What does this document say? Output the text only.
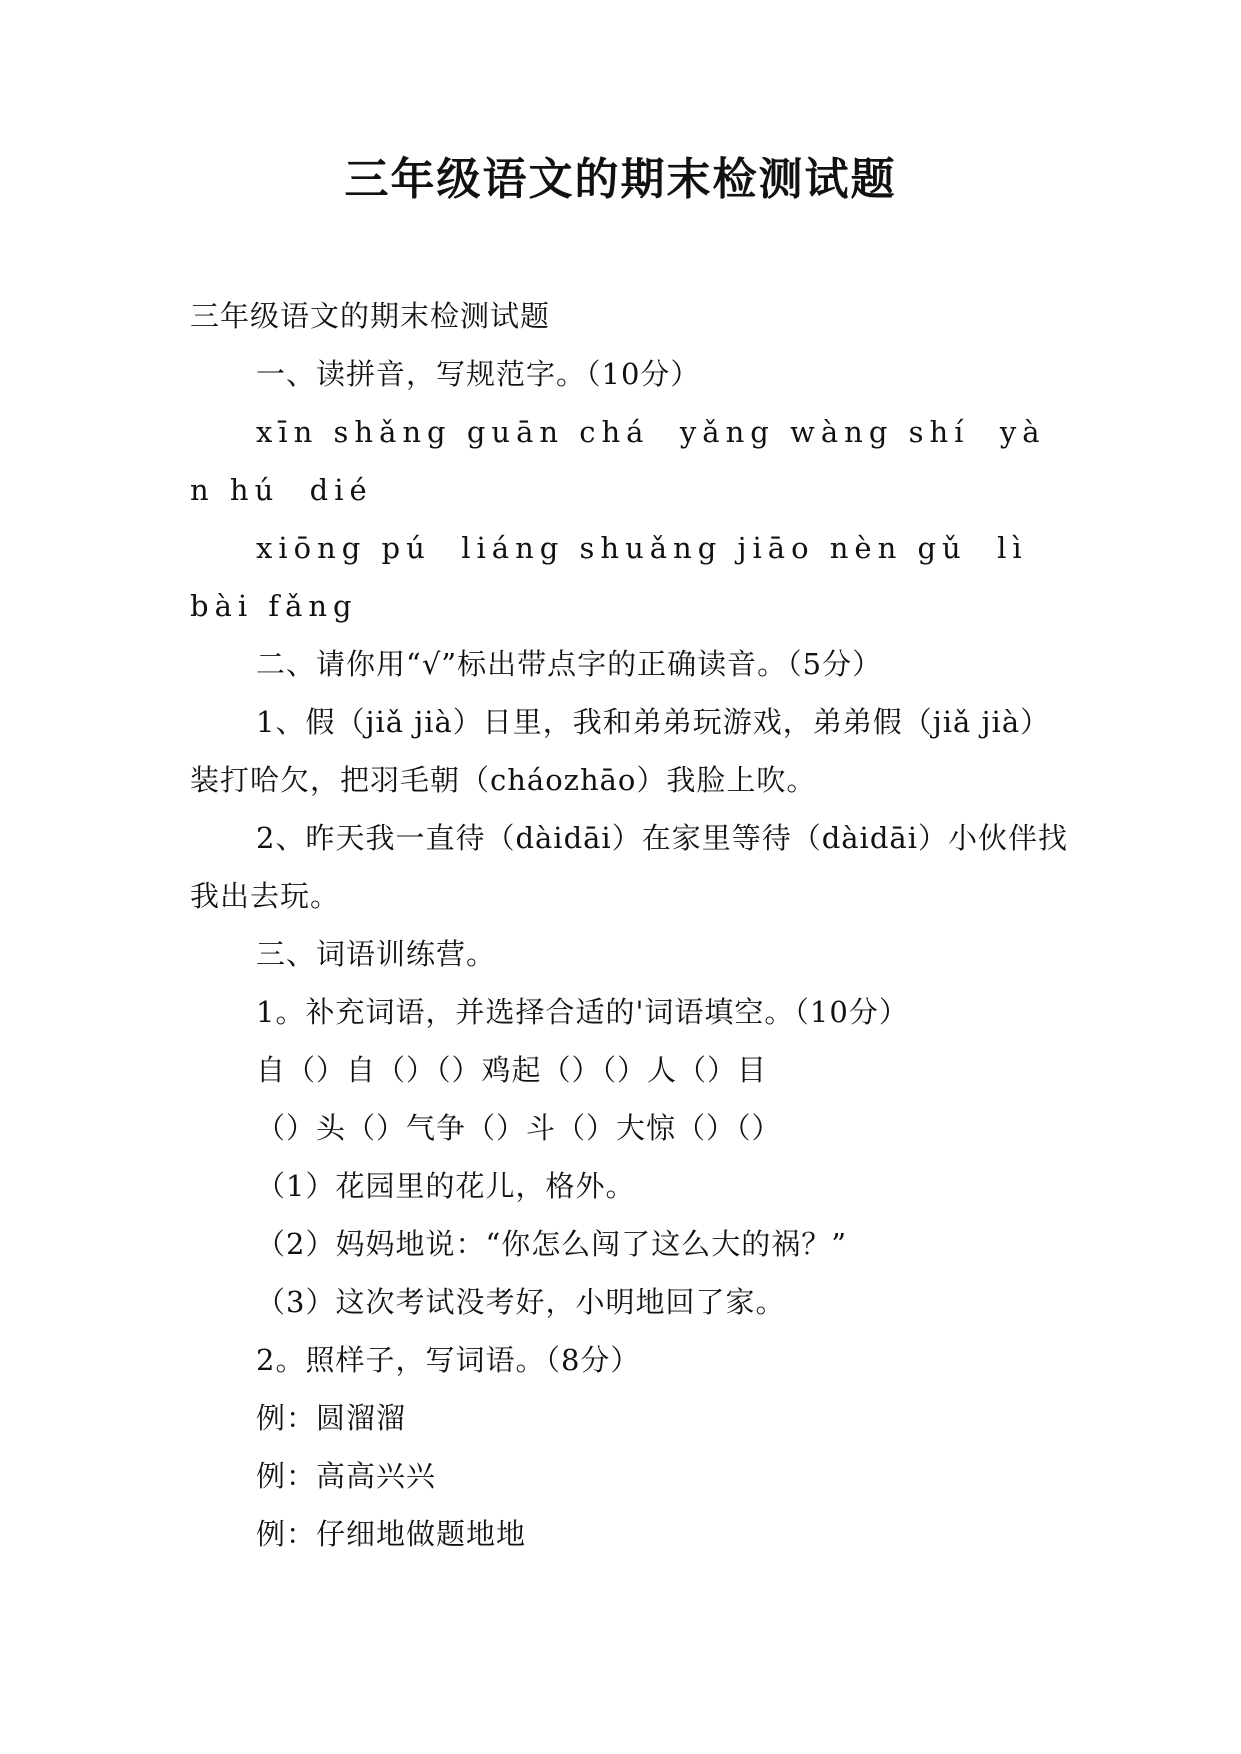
三年级语文的期末检测试题

三年级语文的期末检测试题

一、读拼音，写规范字。（10分）

xīn shǎng guān chá  yǎng wàng shí  yàn hú  dié

xiōng pú  liáng shuǎng jiāo nèn gǔ  lì  bài fǎng

二、请你用“√”标出带点字的正确读音。（5分）

1、假（jiǎ jià）日里，我和弟弟玩游戏，弟弟假（jiǎ jià）装打哈欠，把羽毛朝（cháozhāo）我脸上吹。

2、昨天我一直待（dàidāi）在家里等待（dàidāi）小伙伴找我出去玩。

三、词语训练营。

1。补充词语，并选择合适的'词语填空。（10分）

自（）自（）（）鸡起（）（）人（）目

（）头（）气争（）斗（）大惊（）（）

（1）花园里的花儿，格外。

（2）妈妈地说：“你怎么闯了这么大的祸？”

（3）这次考试没考好，小明地回了家。

2。照样子，写词语。（8分）

例：圆溜溜

例：高高兴兴

例：仔细地做题地地
